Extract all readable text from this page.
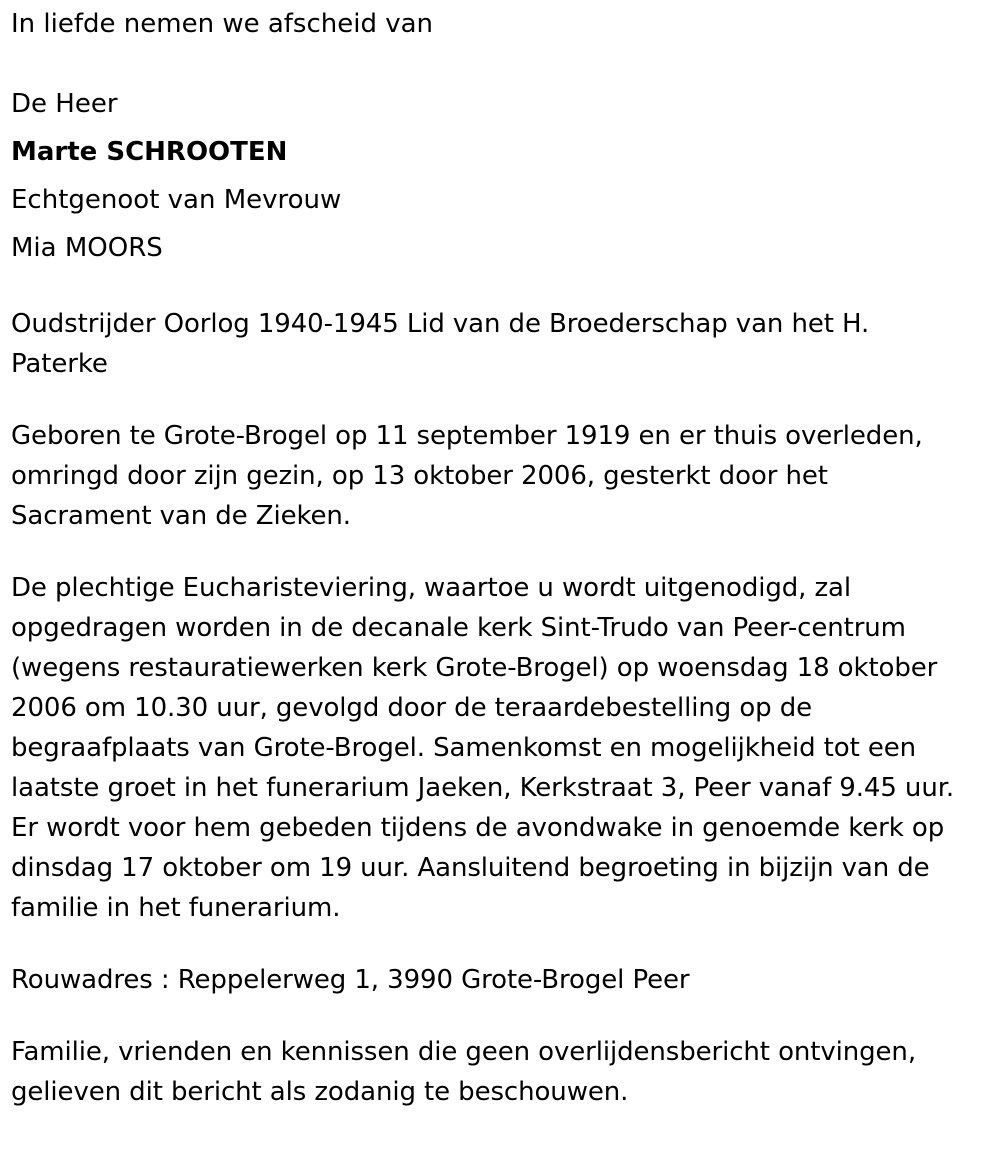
In liefde nemen we afscheid van

De Heer

Marte SCHROOTEN

Echtgenoot van Mevrouw

Mia MOORS

Oudstrijder Oorlog 1940-1945 Lid van de Broederschap van het H.
Paterke

Geboren te Grote-Brogel op 11 september 1919 en er thuis overleden,
omringd door zijn gezin, op 13 oktober 2006, gesterkt door het
Sacrament van de Zieken.

De plechtige Eucharisteviering, waartoe u wordt uitgenodigd, zal
opgedragen worden in de decanale kerk Sint-Trudo van Peer-centrum
(wegens restauratiewerken kerk Grote-Brogel) op woensdag 18 oktober
2006 om 10.30 uur, gevolgd door de teraardebestelling op de
begraafplaats van Grote-Brogel. Samenkomst en mogelijkheid tot een
laatste groet in het funerarium Jaeken, Kerkstraat 3, Peer vanaf 9.45 uur.
Er wordt voor hem gebeden tijdens de avondwake in genoemde kerk op
dinsdag 17 oktober om 19 uur. Aansluitend begroeting in bijzijn van de
familie in het funerarium.

Rouwadres : Reppelerweg 1, 3990 Grote-Brogel Peer

Familie, vrienden en kennissen die geen overlijdensbericht ontvingen,
gelieven dit bericht als zodanig te beschouwen.
